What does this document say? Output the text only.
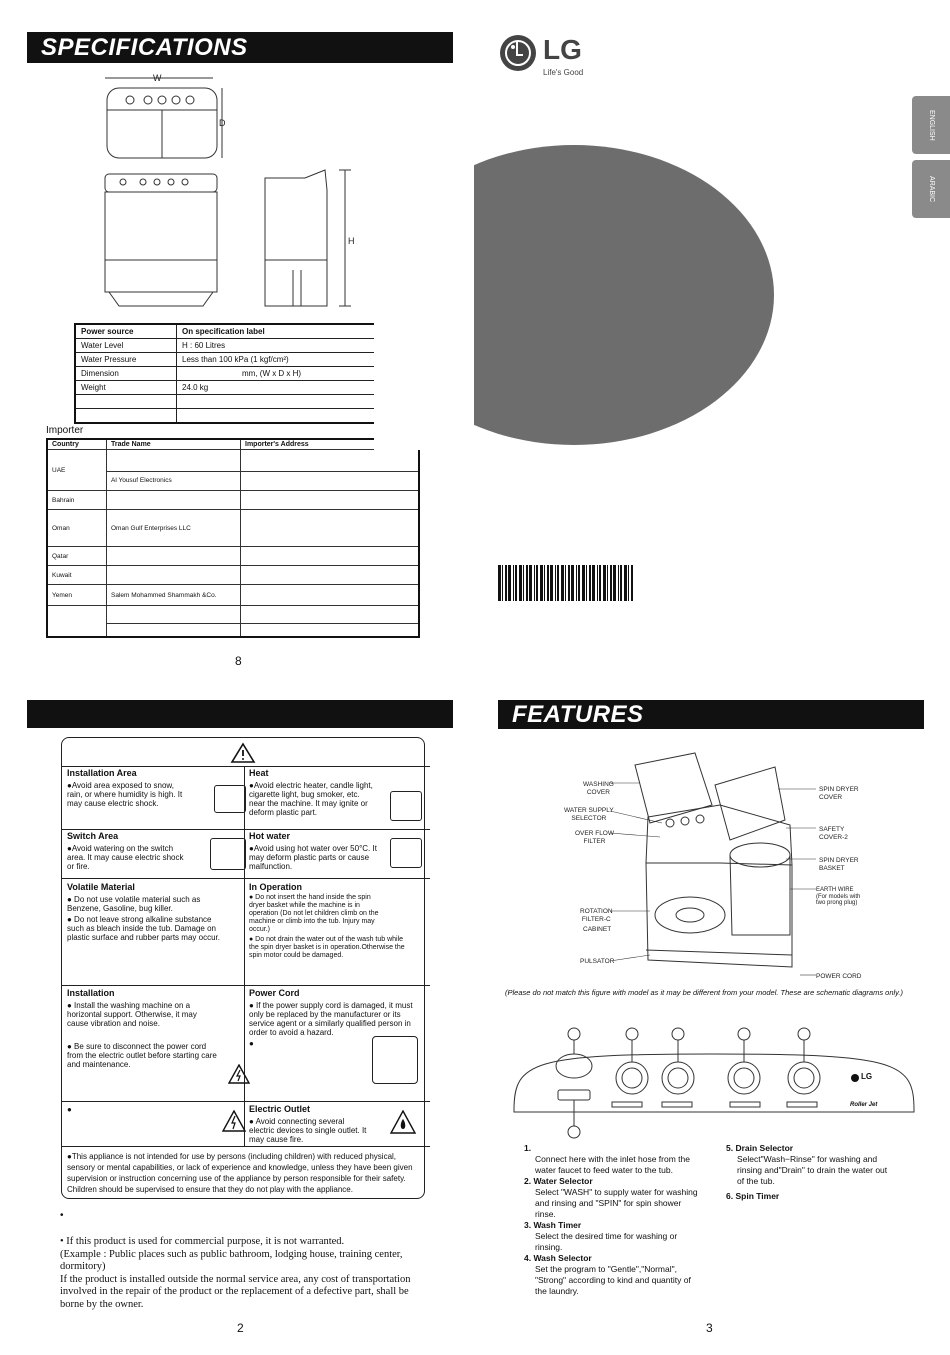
SPECIFICATIONS
W
D
H
Power source	On specification label
Water Level	H : 60 Litres
Water Pressure	Less than 100 kPa (1 kgf/cm²)
Dimension	mm, (W x D x H)
Weight	24.0 kg

Importer
Country	Trade Name	Importer's Address
UAE		
	Al Yousuf Electronics	
Bahrain		
Oman	Oman Gulf Enterprises LLC	
Qatar		
Kuwait		
Yemen	Salem Mohammed Shammakh &Co.	

8
LG
Life's Good
ENGLISH
ARABIC
Installation Area

●Avoid area exposed to snow, rain, or where humidity is high. It may cause electric shock.

Heat

●Avoid electric heater, candle light, cigarette light, bug smoker, etc. near the machine. It may ignite or deform plastic part.

Switch Area

●Avoid watering on the switch area. It may cause electric shock or fire.

Hot water

●Avoid using hot water over 50°C. It may deform plastic parts or cause malfunction.

Volatile Material

● Do not use volatile material such as Benzene, Gasoline, bug killer.

● Do not leave strong alkaline substance such as bleach inside the tub. Damage on plastic surface and rubber parts may occur.

In Operation

● Do not insert the hand inside the spin dryer basket while the machine is in operation (Do not let children climb on the machine or climb into the tub. Injury may occur.)

● Do not drain the water out of the wash tub while the spin dryer basket is in operation.Otherwise the spin motor could be damaged.

Installation

● Install the washing machine on a horizontal support. Otherwise, it may cause vibration and noise.

● Be sure to disconnect the power cord from the electric outlet before starting care and maintenance.

Power Cord

● If the power supply cord is damaged, it must only be replaced by the manufacturer or its service agent or a similarly qualified person in order to avoid a hazard.

●

●	Electric Outlet

● Avoid connecting several electric devices to single outlet. It may cause fire.

●This appliance is not intended for use by persons (including children) with reduced physical, sensory or mental capabilities, or lack of experience and knowledge, unless they have been given supervision or instruction concerning use of the appliance by person responsible for their safety. Children should be supervised to ensure that they do not play with the appliance.

•
• If this product is used for commercial purpose, it is not warranted.
(Example : Public places such as public bathroom, lodging house, training center, dormitory)
If the product is installed outside the normal service area, any cost of transportation involved in the repair of the product or the replacement of a defective part, shall be borne by the owner.
2
FEATURES
WASHING
COVER
WATER SUPPLY
SELECTOR
OVER FLOW
FILTER
ROTATION
FILTER-C
CABINET
PULSATOR
SPIN DRYER
COVER
SAFETY
COVER-2
SPIN DRYER
BASKET
EARTH WIRE
(For models with
two prong plug)
POWER CORD
(Please do not match this figure with model as it may be different from your model. These are schematic diagrams only.)
LG
Roller Jet
1.
Connect here with the inlet hose from the water faucet to feed water to the tub.
2. Water Selector
Select "WASH" to supply water for washing and rinsing and "SPIN" for spin shower rinse.
3. Wash Timer
Select the desired time for washing or rinsing.
4. Wash Selector
Set the program to "Gentle","Normal", "Strong" according to kind and quantity of the laundry.
5. Drain Selector
Select"Wash−Rinse" for washing and rinsing and"Drain" to drain the water out of the tub.
6. Spin Timer
3
